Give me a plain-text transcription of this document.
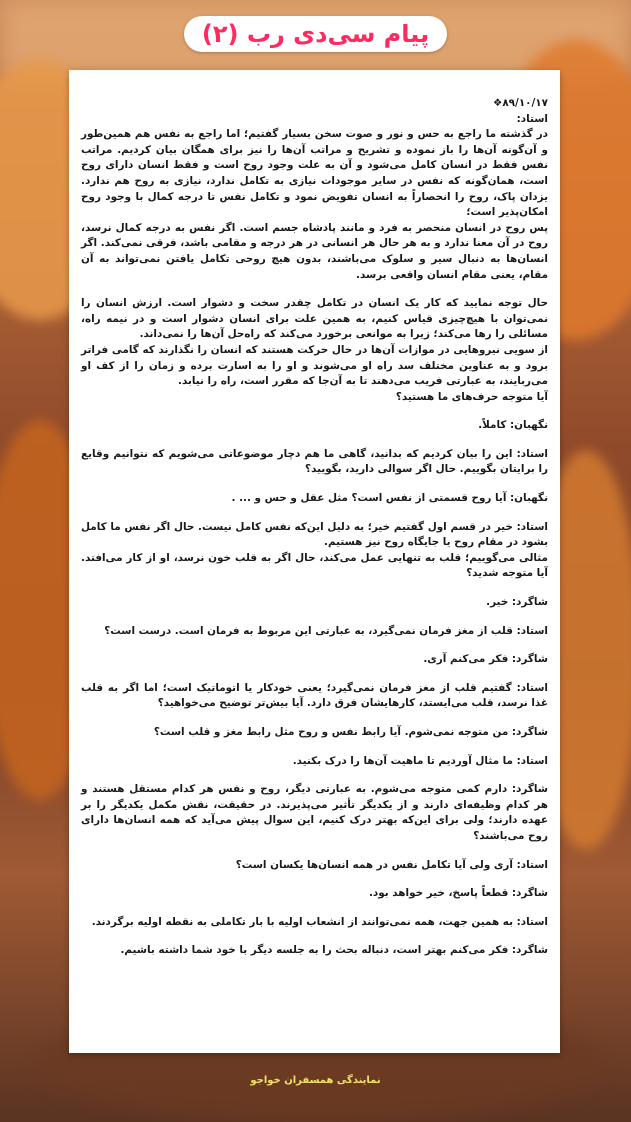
پیام سی‌دی رب (۲)

٨٩/١٠/١٧❖
استاد:
در گذشته ما راجع به حس و نور و صوت سخن بسیار گفتیم؛ اما راجع به نفس هم همین‌طور و آن‌گونه آن‌ها را باز نموده و تشریح و مراتب آن‌ها را نیز برای همگان بیان کردیم. مراتب نفس فقط در انسان کامل می‌شود و آن به علت وجود روح است و فقط انسان دارای روح است، همان‌گونه که نفس در سایر موجودات نیازی به تکامل ندارد، نیازی به روح هم ندارد. یزدان پاک، روح را انحصاراً به انسان تفویض نمود و تکامل نفس تا درجه کمال با وجود روح امکان‌پذیر است؛
پس روح در انسان منحصر به فرد و مانند پادشاه جسم است. اگر نفس به درجه کمال نرسد، روح در آن معنا ندارد و به هر حال هر انسانی در هر درجه و مقامی باشد، فرقی نمی‌کند. اگر انسان‌ها به دنبال سیر و سلوک می‌باشند، بدون هیچ روحی تکامل یافتن نمی‌تواند به آن مقام، یعنی مقام انسان واقعی برسد.

حال توجه نمایید که کار یک انسان در تکامل چقدر سخت و دشوار است. ارزش انسان را نمی‌توان با هیچ‌چیزی قیاس کنیم، به همین علت برای انسان دشوار است و در نیمه راه، مسائلی را رها می‌کند؛ زیرا به موانعی برخورد می‌کند که راه‌حل آن‌ها را نمی‌داند.
از سویی نیروهایی در موازات آن‌ها در حال حرکت هستند که انسان را نگذارند که گامی فراتر برود و به عناوین مختلف سد راه او می‌شوند و او را به اسارت برده و زمان را از کف او می‌ربایند، به عبارتی فریب می‌دهند تا به آن‌جا که مقرر است، راه را نیابد.
آیا متوجه حرف‌های ما هستید؟

نگهبان: کاملاً.

استاد: این را بیان کردیم که بدانید، گاهی ما هم دچار موضوعاتی می‌شویم که نتوانیم وقایع را برایتان بگوییم. حال اگر سوالی دارید، بگویید؟

نگهبان: آیا روح قسمتی از نفس است؟ مثل عقل و حس و ... .

استاد: خیر در قسم اول گفتیم خیر؛ به دلیل این‌که نفس کامل نیست. حال اگر نفس ما کامل بشود در مقام روح یا جایگاه روح نیز هستیم.
مثالی می‌گوییم؛ قلب به تنهایی عمل می‌کند، حال اگر به قلب خون نرسد، او از کار می‌افتد. آیا متوجه شدید؟

شاگرد: خیر.

استاد: قلب از مغز فرمان نمی‌گیرد، به عبارتی این مربوط به فرمان است. درست است؟

شاگرد: فکر می‌کنم آری.

استاد: گفتیم قلب از مغز فرمان نمی‌گیرد؛ یعنی خودکار یا اتوماتیک است؛ اما اگر به قلب غذا نرسد، قلب می‌ایستد، کارهایشان فرق دارد. آیا بیش‌تر توضیح می‌خواهید؟

شاگرد: من متوجه نمی‌شوم. آیا رابط نفس و روح مثل رابط مغز و قلب است؟

استاد: ما مثال آوردیم تا ماهیت آن‌ها را درک بکنید.

شاگرد: دارم کمی متوجه می‌شوم. به عبارتی دیگر، روح و نفس هر کدام مستقل هستند و هر کدام وظیفه‌ای دارند و از یکدیگر تأثیر می‌پذیرند. در حقیقت، نقش مکمل یکدیگر را بر عهده دارند؛ ولی برای این‌که بهتر درک کنیم، این سوال پیش می‌آید که همه انسان‌ها دارای روح می‌باشند؟

استاد: آری ولی آیا تکامل نفس در همه انسان‌ها یکسان است؟

شاگرد: قطعاً پاسخ، خیر خواهد بود.

استاد: به همین جهت، همه نمی‌توانند از انشعاب اولیه با بار تکاملی به نقطه اولیه برگردند.

شاگرد: فکر می‌کنم بهتر است، دنباله بحث را به جلسه دیگر با خود شما داشته باشیم.

نمایندگی همسفران خواجو
